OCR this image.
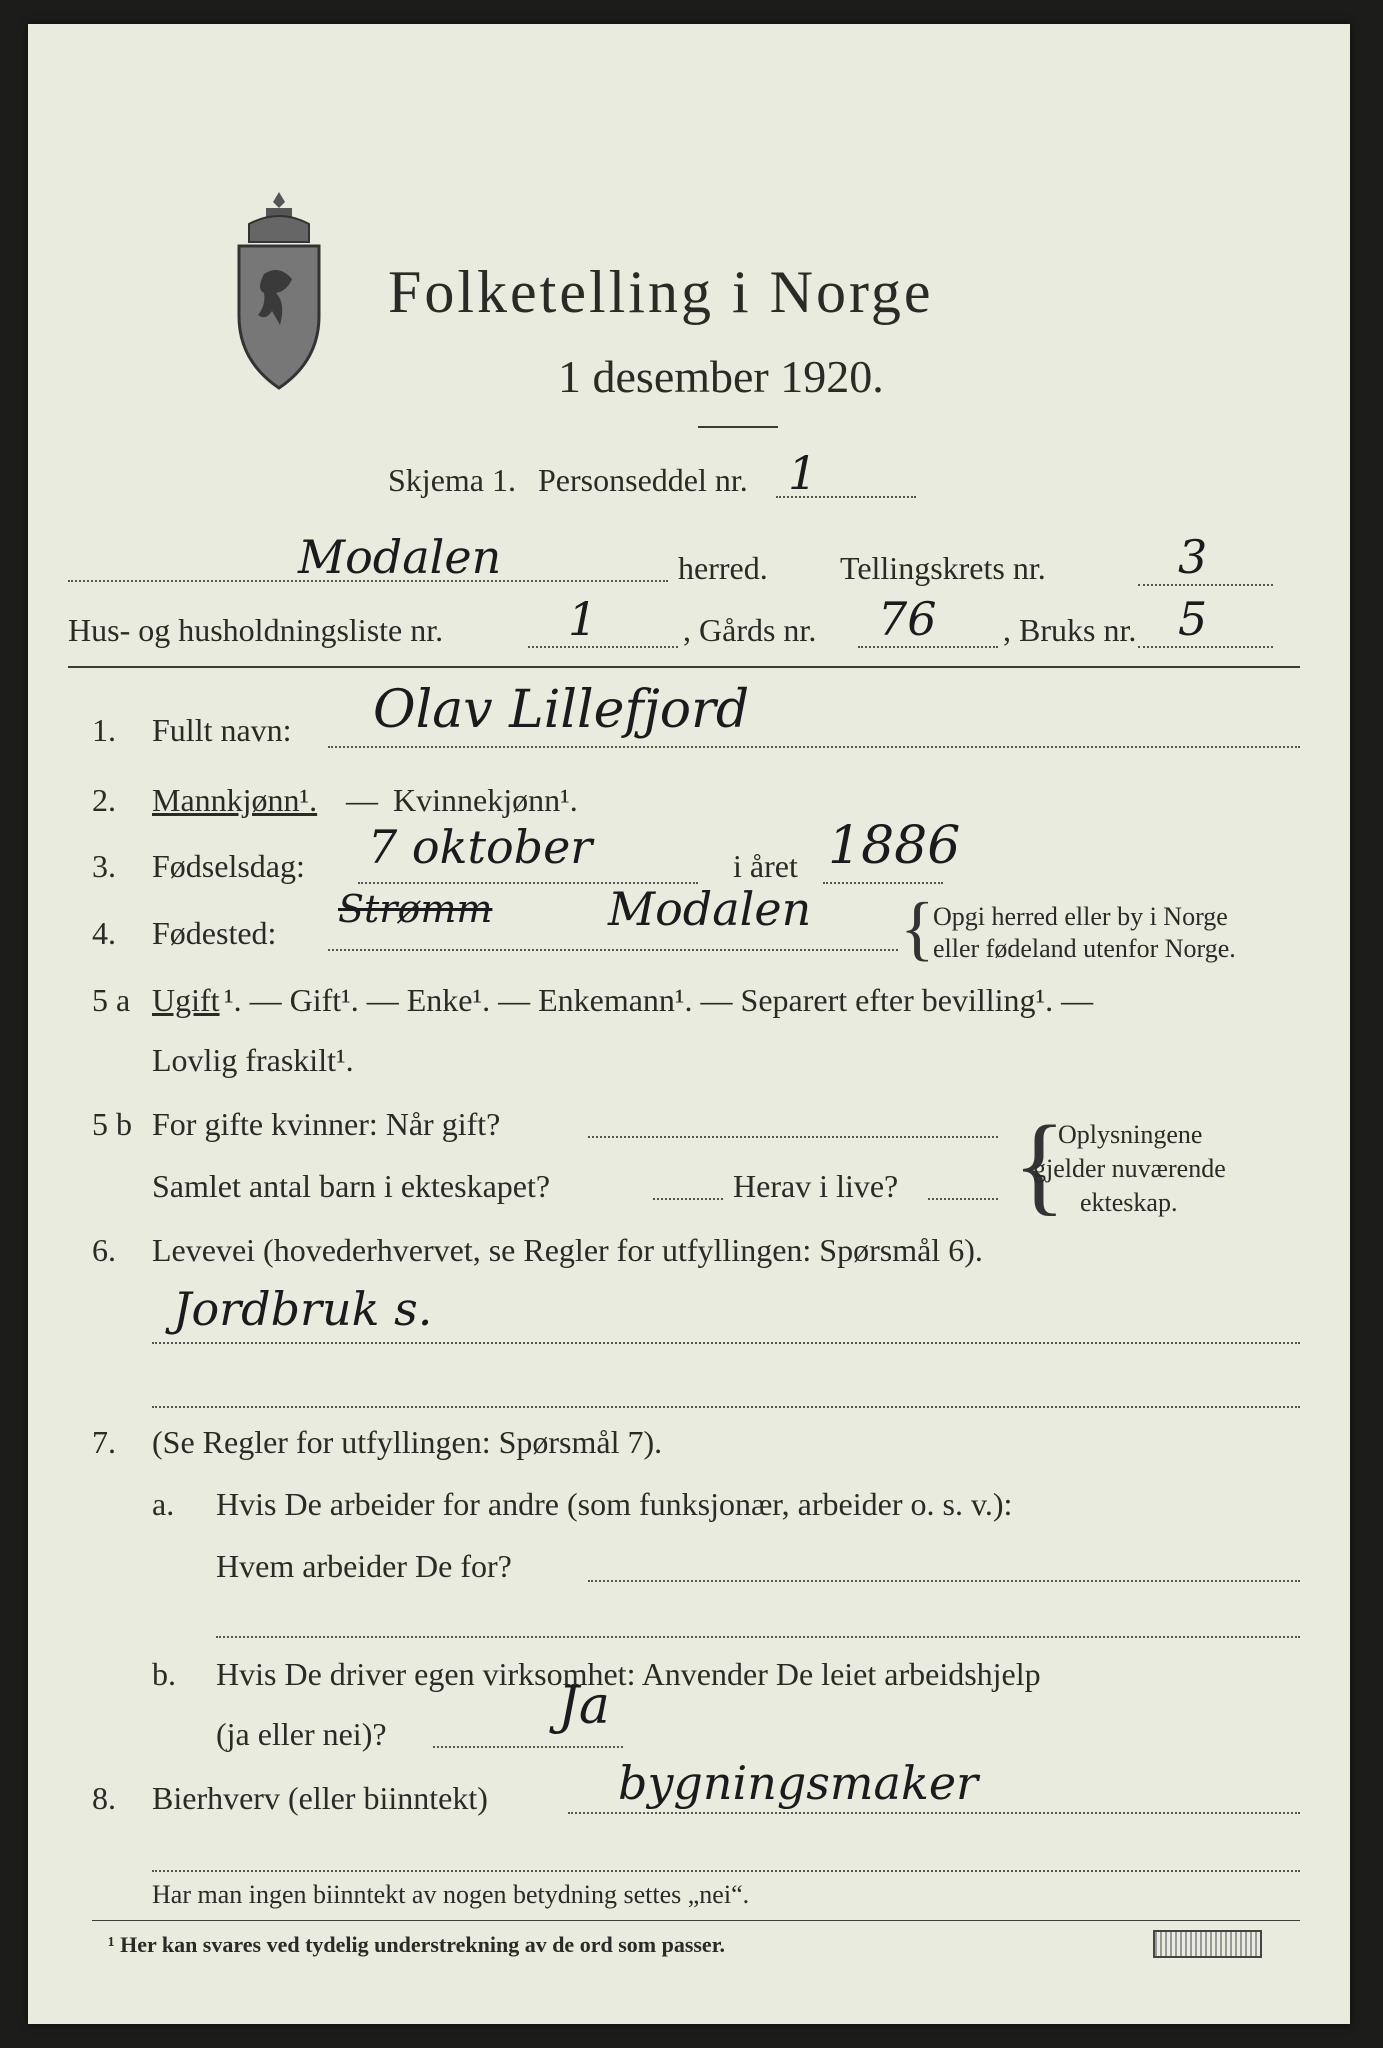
Folketelling i Norge
1 desember 1920.
Skjema 1. Personseddel nr. 1
Modalen	herred. Tellingskrets nr.	3
Hus- og husholdningsliste nr.	1	, Gårds nr. 76 , Bruks nr. 5
1. Fullt navn: Olav Lillefjord
2. Mannkjønn¹. — Kvinnekjønn¹.
3. Fødselsdag: 7 oktober	i året 1886
4. Fødested:
Strømm	Modalen {
Opgi herred eller by i Norge
eller fødeland utenfor Norge.
5 a Ugift ¹. — Gift¹. — Enke¹. — Enkemann¹. — Separert efter bevilling¹. —
Lovlig fraskilt¹.
5 b For gifte kvinner: Når gift?
Samlet antal barn i ekteskapet?	Herav i live? {
Oplysningene
gjelder nuværende
ekteskap.
6. Levevei (hovederhvervet, se Regler for utfyllingen: Spørsmål 6).
Jordbruk s.
7. (Se Regler for utfyllingen: Spørsmål 7).
a. Hvis De arbeider for andre (som funksjonær, arbeider o. s. v.):
Hvem arbeider De for?
b. Hvis De driver egen virksomhet: Anvender De leiet arbeidshjelp
(ja eller nei)?	Ja
8. Bierhverv (eller biinntekt)	bygningsmaker
Har man ingen biinntekt av nogen betydning settes „nei“.
¹ Her kan svares ved tydelig understrekning av de ord som passer.
